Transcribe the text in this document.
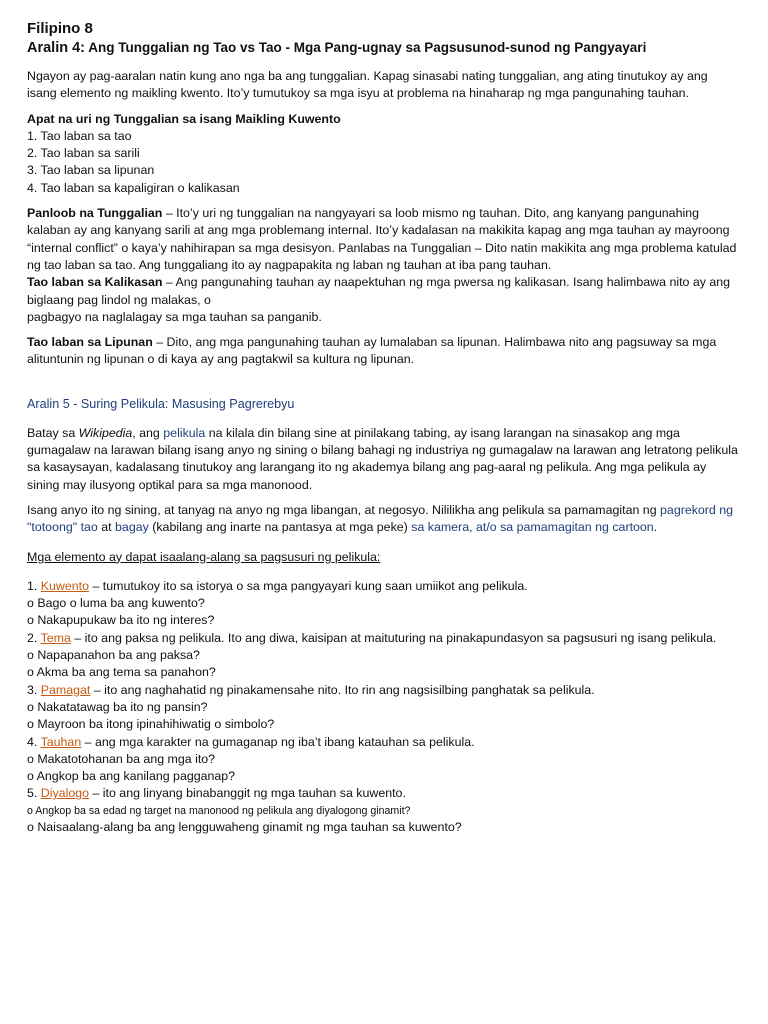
Filipino 8
Aralin 4: Ang Tunggalian ng Tao vs Tao - Mga Pang-ugnay sa Pagsusunod-sunod ng Pangyayari

Ngayon ay pag-aaralan natin kung ano nga ba ang tunggalian. Kapag sinasabi nating tunggalian, ang ating tinutukoy ay ang isang elemento ng maikling kwento. Ito’y tumutukoy sa mga isyu at problema na hinaharap ng mga pangunahing tauhan.

Apat na uri ng Tunggalian sa isang Maikling Kuwento

1. Tao laban sa tao

2. Tao laban sa sarili

3. Tao laban sa lipunan

4. Tao laban sa kapaligiran o kalikasan

Panloob na Tunggalian – Ito’y uri ng tunggalian na nangyayari sa loob mismo ng tauhan. Dito, ang kanyang pangunahing kalaban ay ang kanyang sarili at ang mga problemang internal. Ito’y kadalasan na makikita kapag ang mga tauhan ay mayroong “internal conflict” o kaya’y nahihirapan sa mga desisyon. Panlabas na Tunggalian – Dito natin makikita ang mga problema katulad ng tao laban sa tao. Ang tunggaliang ito ay nagpapakita ng laban ng tauhan at iba pang tauhan.

Tao laban sa Kalikasan – Ang pangunahing tauhan ay naapektuhan ng mga pwersa ng kalikasan. Isang halimbawa nito ay ang biglaang pag lindol ng malakas, o

pagbagyo na naglalagay sa mga tauhan sa panganib.

Tao laban sa Lipunan – Dito, ang mga pangunahing tauhan ay lumalaban sa lipunan. Halimbawa nito ang pagsuway sa mga alituntunin ng lipunan o di kaya ay ang pagtakwil sa kultura ng lipunan.

Aralin 5 - Suring Pelikula: Masusing Pagrerebyu

Batay sa Wikipedia, ang pelikula na kilala din bilang sine at pinilakang tabing, ay isang larangan na sinasakop ang mga gumagalaw na larawan bilang isang anyo ng sining o bilang bahagi ng industriya ng gumagalaw na larawan ang letratong pelikula sa kasaysayan, kadalasang tinutukoy ang larangang ito ng akademya bilang ang pag-aaral ng pelikula. Ang mga pelikula ay sining may ilusyong optikal para sa mga manonood.

Isang anyo ito ng sining, at tanyag na anyo ng mga libangan, at negosyo. Nililikha ang pelikula sa pamamagitan ng pagrekord ng "totoong" tao at bagay (kabilang ang inarte na pantasya at mga peke) sa kamera, at/o sa pamamagitan ng cartoon.

Mga elemento ay dapat isaalang-alang sa pagsusuri ng pelikula:

1. Kuwento – tumutukoy ito sa istorya o sa mga pangyayari kung saan umiikot ang pelikula.

o Bago o luma ba ang kuwento?

o Nakapupukaw ba ito ng interes?

2. Tema – ito ang paksa ng pelikula. Ito ang diwa, kaisipan at maituturing na pinakapundasyon sa pagsusuri ng isang pelikula.

o Napapanahon ba ang paksa?

o Akma ba ang tema sa panahon?

3. Pamagat – ito ang naghahatid ng pinakamensahe nito. Ito rin ang nagsisilbing panghatak sa pelikula.

o Nakatatawag ba ito ng pansin?

o Mayroon ba itong ipinahihiwatig o simbolo?

4. Tauhan – ang mga karakter na gumaganap ng iba’t ibang katauhan sa pelikula.

o Makatotohanan ba ang mga ito?

o Angkop ba ang kanilang pagganap?

5. Diyalogo – ito ang linyang binabanggit ng mga tauhan sa kuwento.

o Angkop ba sa edad ng target na manonood ng pelikula ang diyalogong ginamit?

o Naisaalang-alang ba ang lengguwaheng ginamit ng mga tauhan sa kuwento?
